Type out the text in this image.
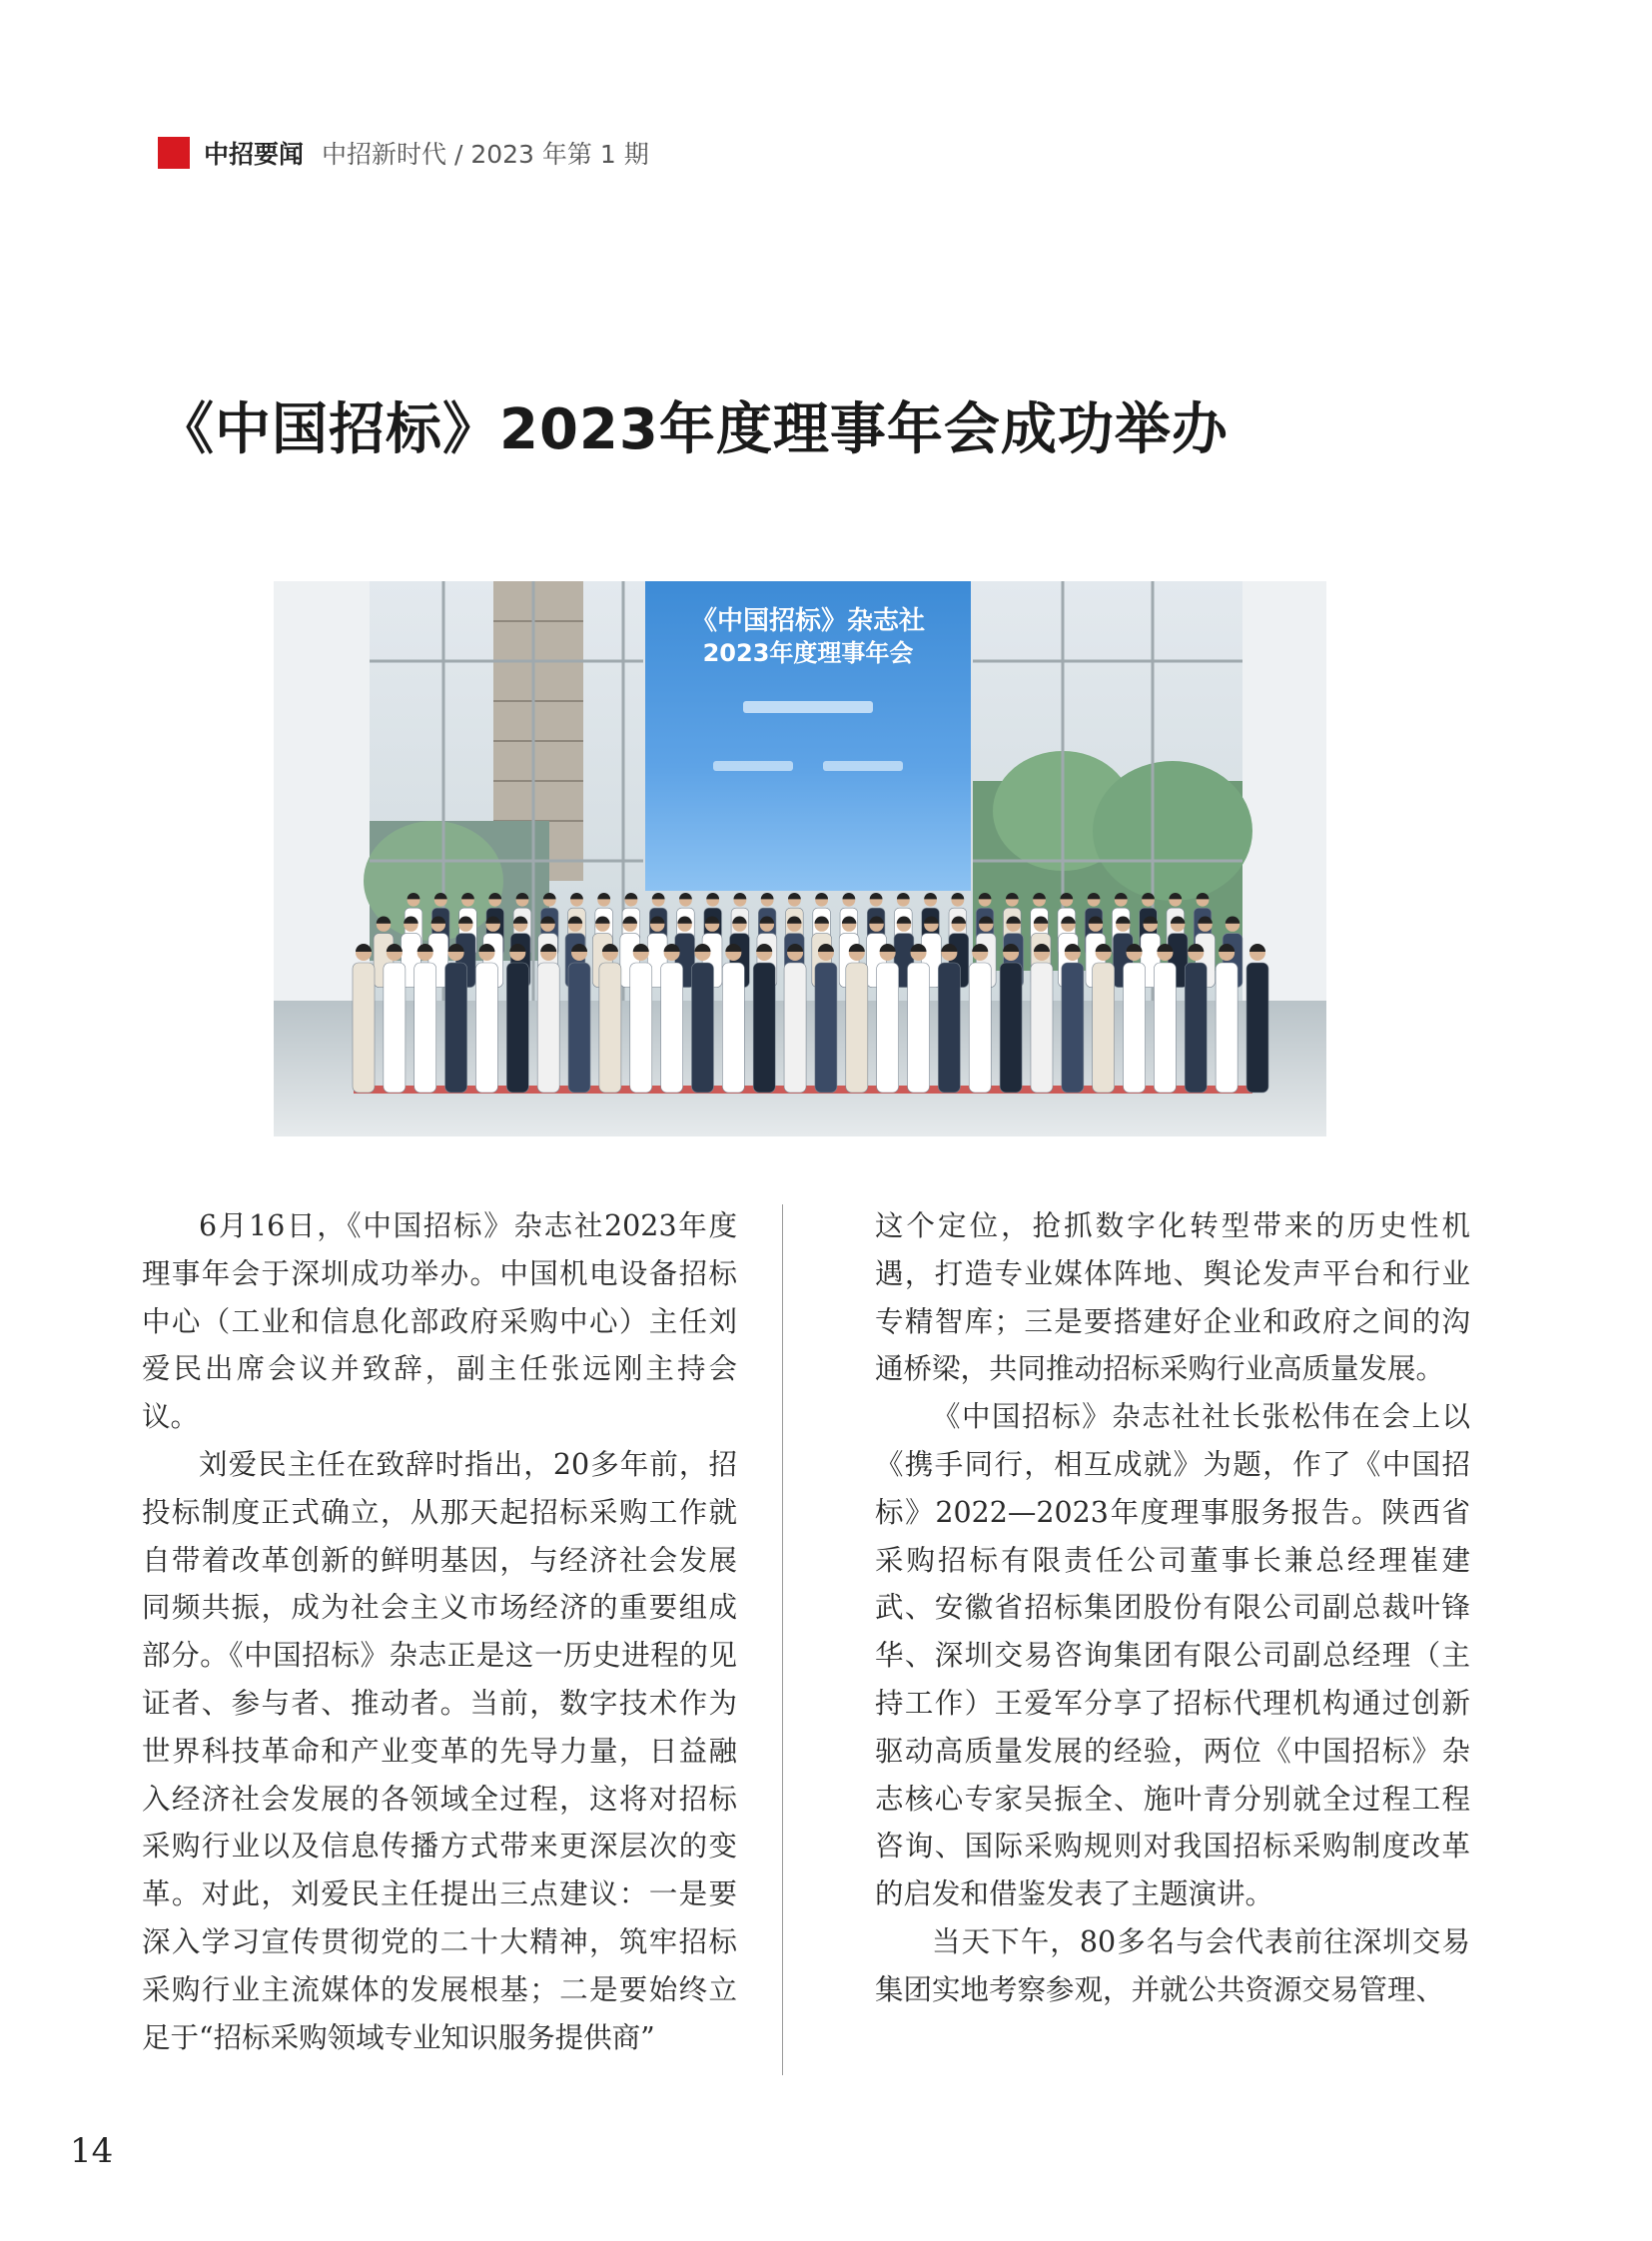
中招要闻 中招新时代 / 2023 年第 1 期
《中国招标》2023年度理事年会成功举办
《中国招标》杂志社
2023年度理事年会

6月16日，《中国招标》杂志社2023年度理事年会于深圳成功举办。中国机电设备招标中心（工业和信息化部政府采购中心）主任刘爱民出席会议并致辞，副主任张远刚主持会议。

刘爱民主任在致辞时指出，20多年前，招投标制度正式确立，从那天起招标采购工作就自带着改革创新的鲜明基因，与经济社会发展同频共振，成为社会主义市场经济的重要组成部分。《中国招标》杂志正是这一历史进程的见证者、参与者、推动者。当前，数字技术作为世界科技革命和产业变革的先导力量，日益融入经济社会发展的各领域全过程，这将对招标采购行业以及信息传播方式带来更深层次的变革。对此，刘爱民主任提出三点建议：一是要深入学习宣传贯彻党的二十大精神，筑牢招标采购行业主流媒体的发展根基；二是要始终立足于“招标采购领域专业知识服务提供商”

这个定位，抢抓数字化转型带来的历史性机遇，打造专业媒体阵地、舆论发声平台和行业专精智库；三是要搭建好企业和政府之间的沟通桥梁，共同推动招标采购行业高质量发展。

《中国招标》杂志社社长张松伟在会上以《携手同行，相互成就》为题，作了《中国招标》2022—2023年度理事服务报告。陕西省采购招标有限责任公司董事长兼总经理崔建武、安徽省招标集团股份有限公司副总裁叶锋华、深圳交易咨询集团有限公司副总经理（主持工作）王爱军分享了招标代理机构通过创新驱动高质量发展的经验，两位《中国招标》杂志核心专家吴振全、施叶青分别就全过程工程咨询、国际采购规则对我国招标采购制度改革的启发和借鉴发表了主题演讲。

当天下午，80多名与会代表前往深圳交易集团实地考察参观，并就公共资源交易管理、

14
